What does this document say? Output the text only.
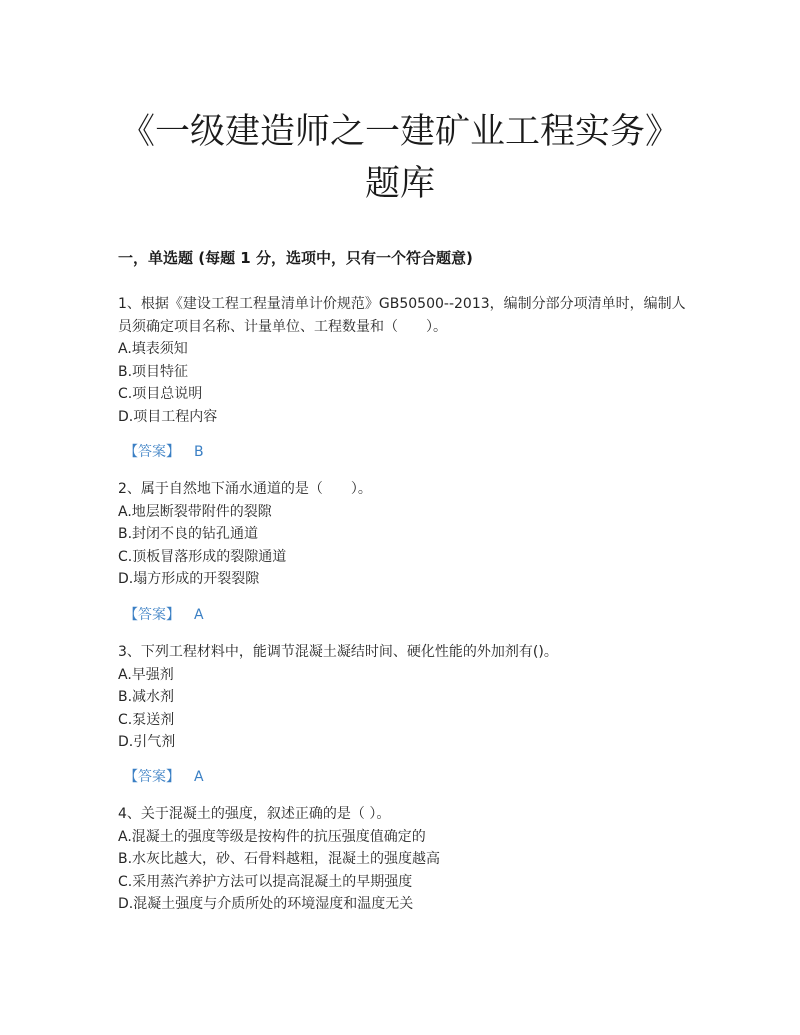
《一级建造师之一建矿业工程实务》
题库
一，单选题 (每题 1 分，选项中，只有一个符合题意)

1、根据《建设工程工程量清单计价规范》GB50500--2013，编制分部分项清单时，编制人员须确定项目名称、计量单位、工程数量和（　　）。

A.填表须知

B.项目特征

C.项目总说明

D.项目工程内容

【答案】 B

2、属于自然地下涌水通道的是（　　）。

A.地层断裂带附件的裂隙

B.封闭不良的钻孔通道

C.顶板冒落形成的裂隙通道

D.塌方形成的开裂裂隙

【答案】 A

3、下列工程材料中，能调节混凝土凝结时间、硬化性能的外加剂有()。

A.早强剂

B.减水剂

C.泵送剂

D.引气剂

【答案】 A

4、关于混凝土的强度，叙述正确的是（ ）。

A.混凝土的强度等级是按构件的抗压强度值确定的

B.水灰比越大，砂、石骨料越粗，混凝土的强度越高

C.采用蒸汽养护方法可以提高混凝土的早期强度

D.混凝土强度与介质所处的环境湿度和温度无关
